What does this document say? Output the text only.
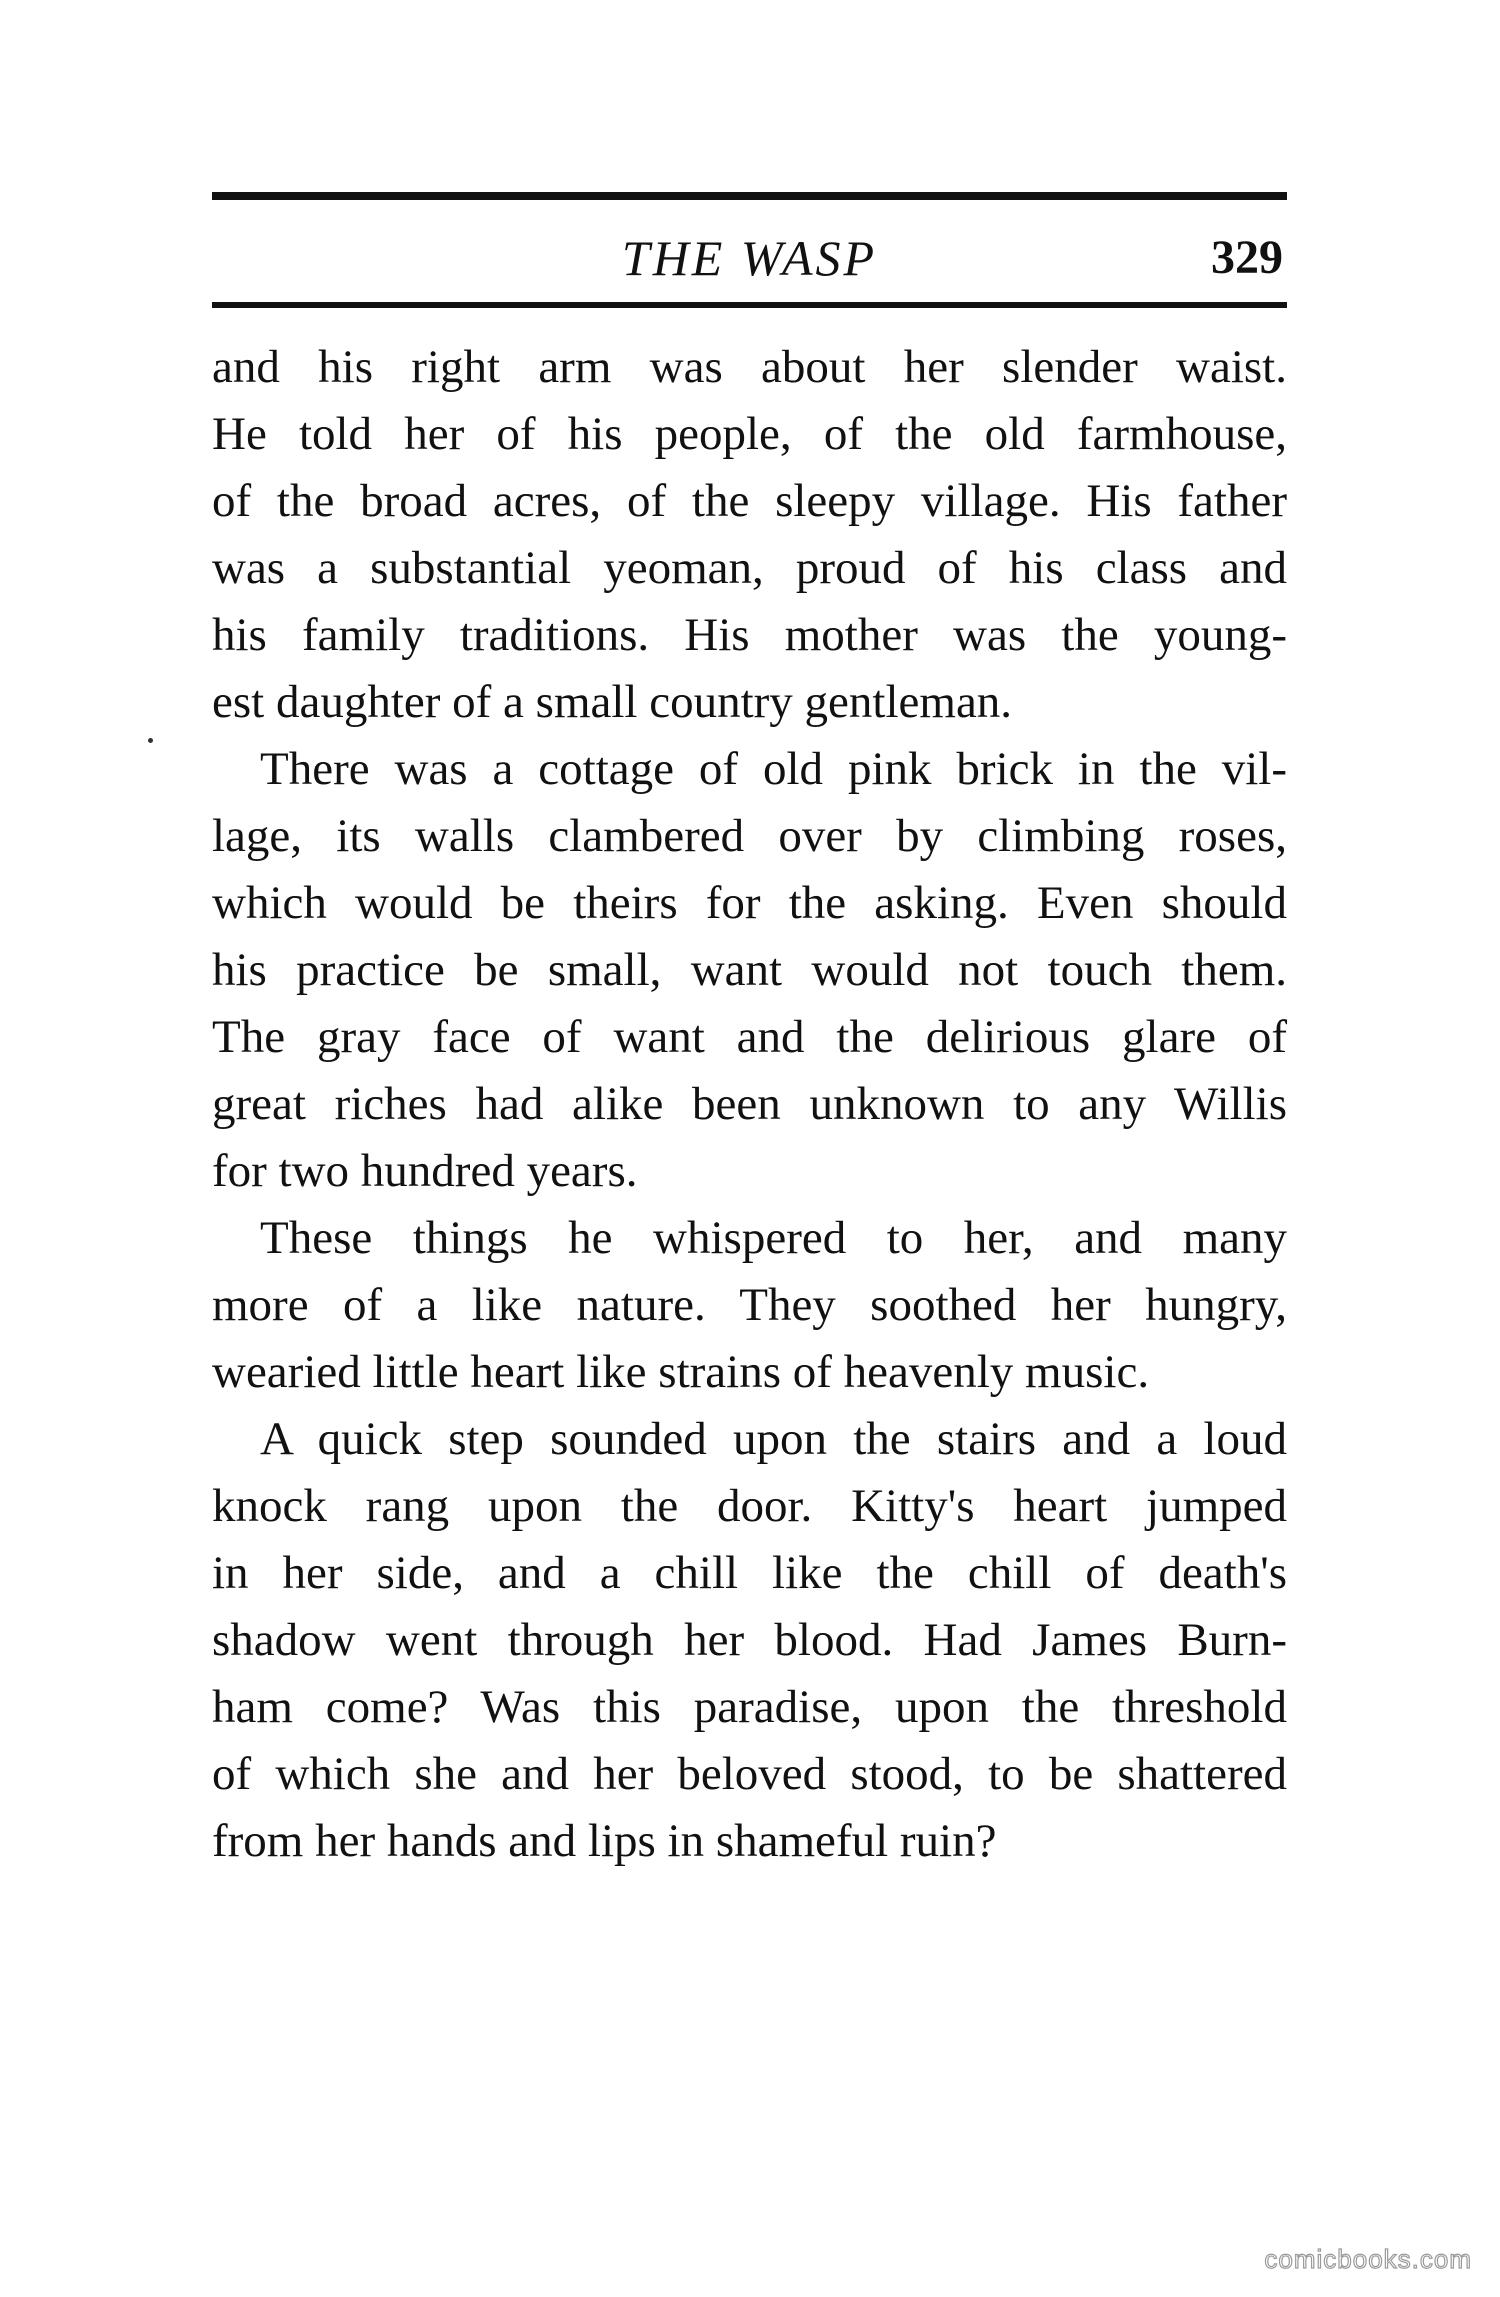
THE WASP	329
and his right arm was about her slender waist.
He told her of his people, of the old farmhouse,
of the broad acres, of the sleepy village. His father
was a substantial yeoman, proud of his class and
his family traditions. His mother was the young-
est daughter of a small country gentleman.
There was a cottage of old pink brick in the vil-
lage, its walls clambered over by climbing roses,
which would be theirs for the asking. Even should
his practice be small, want would not touch them.
The gray face of want and the delirious glare of
great riches had alike been unknown to any Willis
for two hundred years.
These things he whispered to her, and many
more of a like nature. They soothed her hungry,
wearied little heart like strains of heavenly music.
A quick step sounded upon the stairs and a loud
knock rang upon the door. Kitty's heart jumped
in her side, and a chill like the chill of death's
shadow went through her blood. Had James Burn-
ham come? Was this paradise, upon the threshold
of which she and her beloved stood, to be shattered
from her hands and lips in shameful ruin?
comicbooks.com
